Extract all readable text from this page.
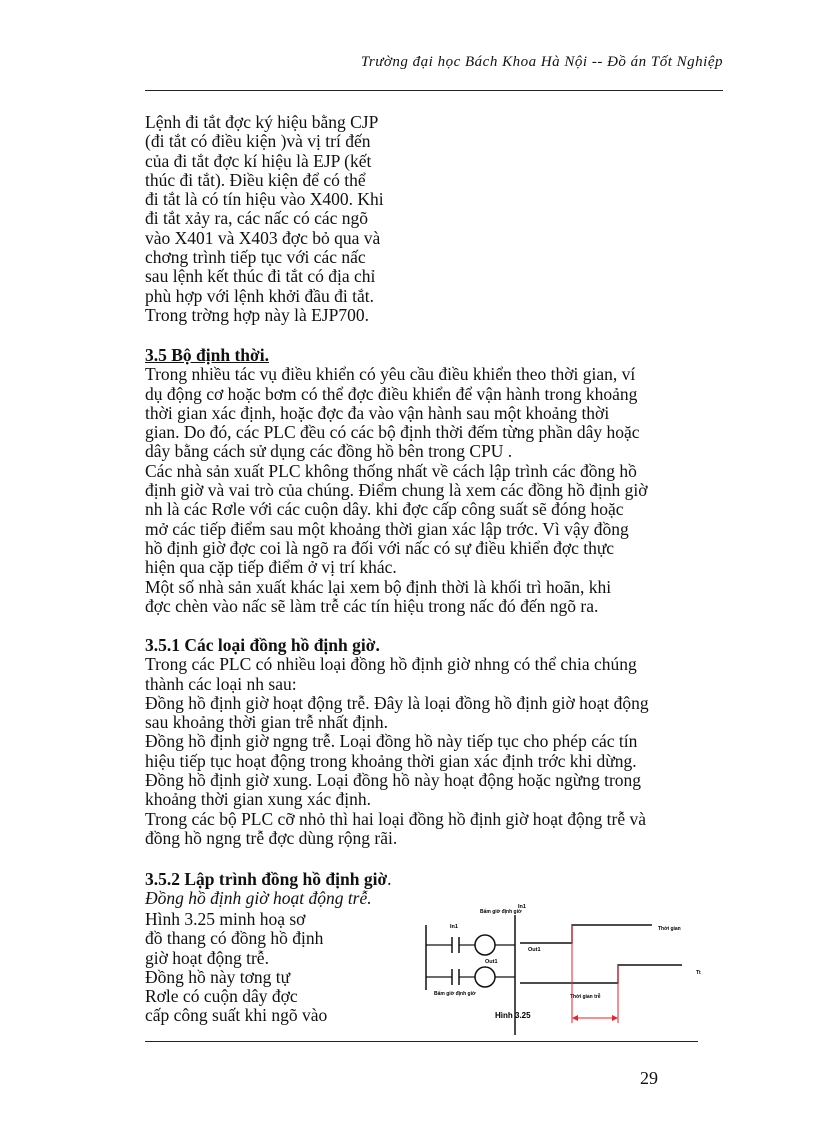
Trường đại học Bách Khoa Hà Nội -- Đồ án Tốt Nghiệp
Lệnh đi tắt đợc ký hiệu bằng CJP
(đi tắt có điều kiện )và vị trí đến
của đi tắt đợc kí hiệu là EJP (kết
thúc đi tắt). Điều kiện để có thể
đi tắt là có tín hiệu vào X400. Khi
đi tắt xảy ra, các nấc có các ngõ
vào X401 và X403 đợc bỏ qua và
chơng trình tiếp tục với các nấc
sau lệnh kết thúc đi tắt có địa chỉ
phù hợp với lệnh khởi đầu đi tắt.
Trong trờng hợp này là EJP700.
3.5 Bộ định thời.
Trong nhiều tác vụ điều khiển có yêu cầu điều khiển theo thời gian, ví
dụ động cơ hoặc bơm có thể đợc điều khiển để vận hành trong khoảng
thời gian xác định, hoặc đợc đa vào vận hành sau một khoảng thời
gian. Do đó, các PLC đều có các bộ định thời đếm từng phần dây hoặc
dây bằng cách sử dụng các đồng hồ bên trong CPU .
Các nhà sản xuất PLC không thống nhất về cách lập trình các đồng hồ
định giờ và vai trò của chúng. Điểm chung là xem các đồng hồ định giờ
nh là các Rơle với các cuộn dây. khi đợc cấp công suất sẽ đóng hoặc
mở các tiếp điểm sau một khoảng thời gian xác lập trớc. Vì vậy đồng
hồ định giờ đợc coi là ngõ ra đối với nấc có sự điều khiển đợc thực
hiện qua cặp tiếp điểm ở vị trí khác.
Một số nhà sản xuất khác lại xem bộ định thời là khối trì hoãn, khi
đợc chèn vào nấc sẽ làm trễ các tín hiệu trong nấc đó đến ngõ ra.
3.5.1 Các loại đồng hồ định giờ.
Trong các PLC có nhiều loại đồng hồ định giờ nhng có thể chia chúng
thành các loại nh sau:
Đồng hồ định giờ hoạt động trễ. Đây là loại đồng hồ định giờ hoạt động
sau khoảng thời gian trễ nhất định.
Đồng hồ định giờ ngng trễ. Loại đồng hồ này tiếp tục cho phép các tín
hiệu tiếp tục hoạt động trong khoảng thời gian xác định trớc khi dừng.
Đồng hồ định giờ xung. Loại đồng hồ này hoạt động hoặc ngừng trong
khoảng thời gian xung xác định.
Trong các bộ PLC cỡ nhỏ thì hai loại đồng hồ định giờ hoạt động trễ và
đồng hồ ngng trễ đợc dùng rộng rãi.
3.5.2 Lập trình đồng hồ định giờ.
Đồng hồ định giờ hoạt động trễ.
Hình 3.25 minh hoạ sơ
đồ thang có đồng hồ định
giờ hoạt động trễ.
Đồng hồ này tơng tự
Rơle có cuộn dây đợc
cấp công suất khi ngõ vào
In1
Bấm giờ định giờ
Out1
Bấm giờ định giờ
In1
Out1
Thời gian
Tt
Thời gian trễ
Hình 3.25
29
